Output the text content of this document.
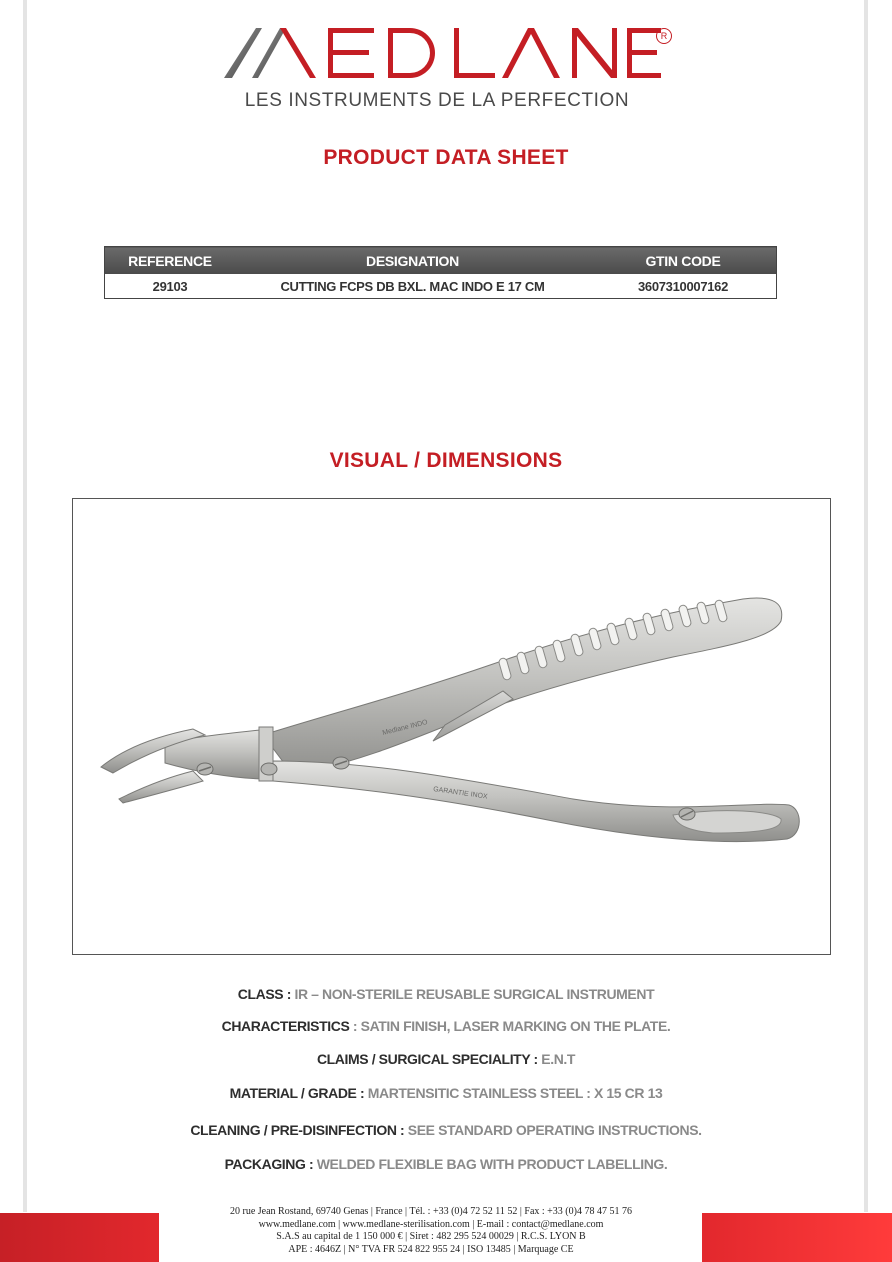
R
LES INSTRUMENTS DE LA PERFECTION
PRODUCT DATA SHEET
REFERENCE	DESIGNATION	GTIN CODE
29103	CUTTING FCPS DB BXL. MAC INDO E 17 CM	3607310007162
VISUAL / DIMENSIONS
Medlane INDO
GARANTIE INOX
CLASS : IR – NON-STERILE REUSABLE SURGICAL INSTRUMENT
CHARACTERISTICS : SATIN FINISH, LASER MARKING ON THE PLATE.
CLAIMS / SURGICAL SPECIALITY : E.N.T
MATERIAL / GRADE : MARTENSITIC STAINLESS STEEL : X 15 CR 13
CLEANING / PRE-DISINFECTION : SEE STANDARD OPERATING INSTRUCTIONS.
PACKAGING : WELDED FLEXIBLE BAG WITH PRODUCT LABELLING.
20 rue Jean Rostand, 69740 Genas | France | Tél. : +33 (0)4 72 52 11 52 | Fax : +33 (0)4 78 47 51 76
www.medlane.com | www.medlane-sterilisation.com | E-mail : contact@medlane.com
S.A.S au capital de 1 150 000 € | Siret : 482 295 524 00029 | R.C.S. LYON B
APE : 4646Z | N° TVA FR 524 822 955 24 | ISO 13485 | Marquage CE
